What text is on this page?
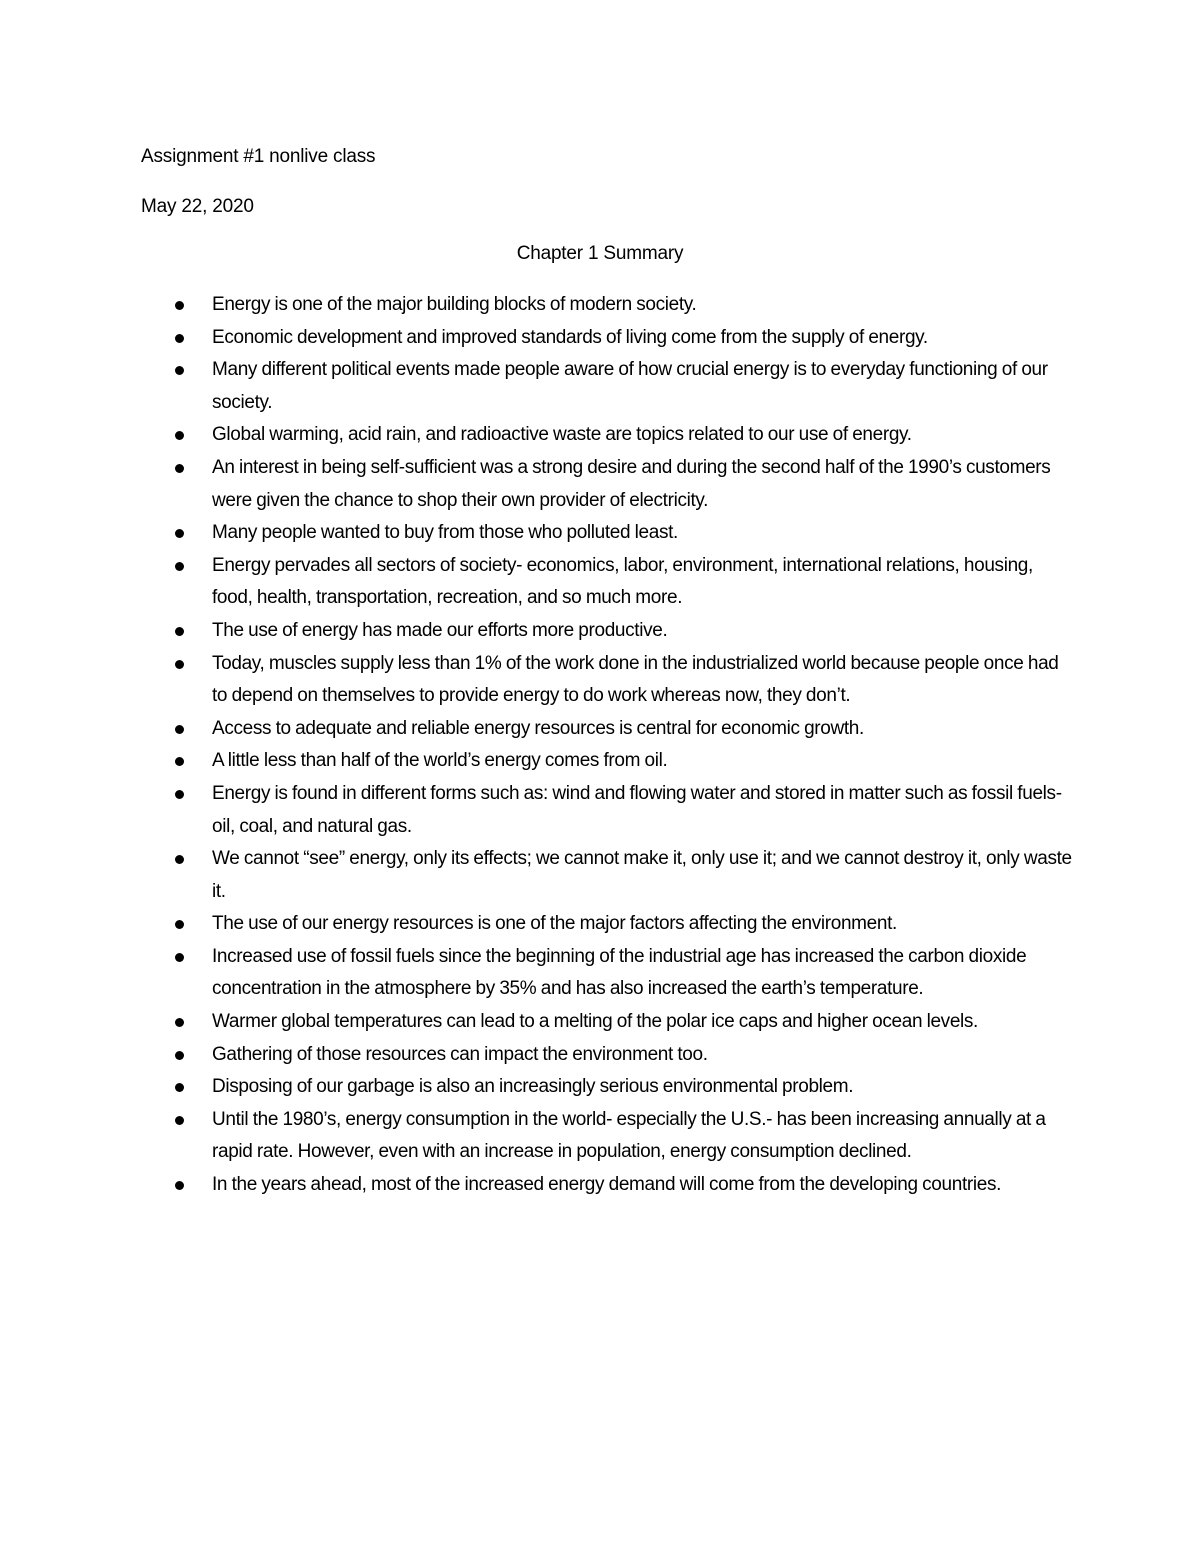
Assignment #1 nonlive class
May 22, 2020
Chapter 1 Summary
Energy is one of the major building blocks of modern society.
Economic development and improved standards of living come from the supply of energy.
Many different political events made people aware of how crucial energy is to everyday functioning of our society.
Global warming, acid rain, and radioactive waste are topics related to our use of energy.
An interest in being self-sufficient was a strong desire and during the second half of the 1990’s customers were given the chance to shop their own provider of electricity.
Many people wanted to buy from those who polluted least.
Energy pervades all sectors of society- economics, labor, environment, international relations, housing, food, health, transportation, recreation, and so much more.
The use of energy has made our efforts more productive.
Today, muscles supply less than 1% of the work done in the industrialized world because people once had to depend on themselves to provide energy to do work whereas now, they don’t.
Access to adequate and reliable energy resources is central for economic growth.
A little less than half of the world’s energy comes from oil.
Energy is found in different forms such as: wind and flowing water and stored in matter such as fossil fuels- oil, coal, and natural gas.
We cannot “see” energy, only its effects; we cannot make it, only use it; and we cannot destroy it, only waste it.
The use of our energy resources is one of the major factors affecting the environment.
Increased use of fossil fuels since the beginning of the industrial age has increased the carbon dioxide concentration in the atmosphere by 35% and has also increased the earth’s temperature.
Warmer global temperatures can lead to a melting of the polar ice caps and higher ocean levels.
Gathering of those resources can impact the environment too.
Disposing of our garbage is also an increasingly serious environmental problem.
Until the 1980’s, energy consumption in the world- especially the U.S.- has been increasing annually at a rapid rate. However, even with an increase in population, energy consumption declined.
In the years ahead, most of the increased energy demand will come from the developing countries.
